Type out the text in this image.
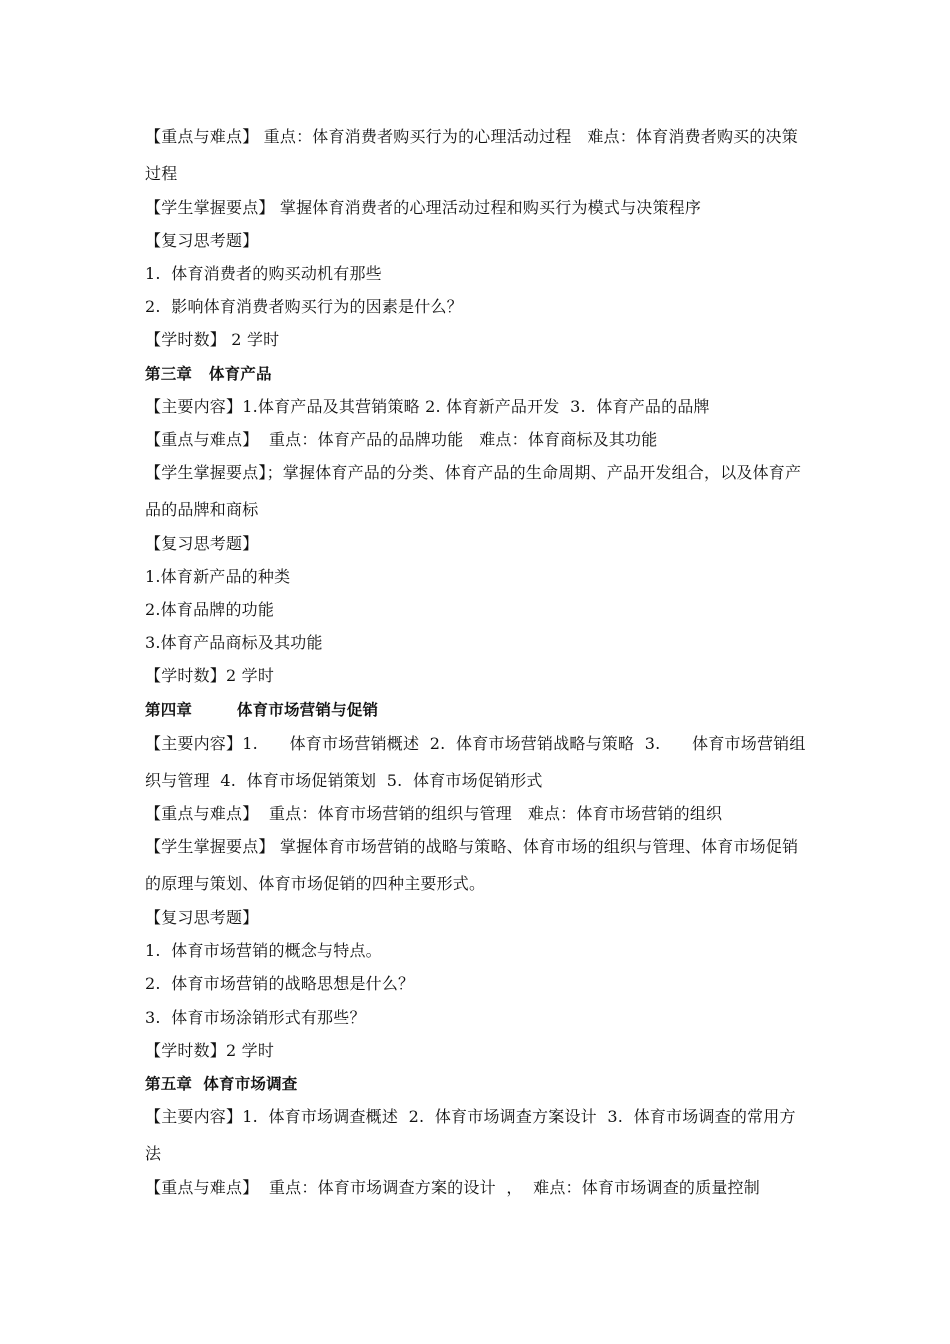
【重点与难点】 重点：体育消费者购买行为的心理活动过程   难点：体育消费者购买的决策
过程
【学生掌握要点】 掌握体育消费者的心理活动过程和购买行为模式与决策程序
【复习思考题】
1.  体育消费者的购买动机有那些
2.  影响体育消费者购买行为的因素是什么？
【学时数】 2 学时
第三章   体育产品
【主要内容】1.体育产品及其营销策略 2. 体育新产品开发  3.  体育产品的品牌
【重点与难点】  重点：体育产品的品牌功能   难点：体育商标及其功能
【学生掌握要点】；掌握体育产品的分类、体育产品的生命周期、产品开发组合，以及体育产
品的品牌和商标
【复习思考题】
1.体育新产品的种类
2.体育品牌的功能
3.体育产品商标及其功能
【学时数】2 学时
第四章        体育市场营销与促销
【主要内容】1.      体育市场营销概述  2.  体育市场营销战略与策略  3.      体育市场营销组
织与管理  4.  体育市场促销策划  5.  体育市场促销形式
【重点与难点】  重点：体育市场营销的组织与管理   难点：体育市场营销的组织
【学生掌握要点】 掌握体育市场营销的战略与策略、体育市场的组织与管理、体育市场促销
的原理与策划、体育市场促销的四种主要形式。
【复习思考题】
1.  体育市场营销的概念与特点。
2.  体育市场营销的战略思想是什么？
3.  体育市场涂销形式有那些？
【学时数】2 学时
第五章  体育市场调查
【主要内容】1.  体育市场调查概述  2.  体育市场调查方案设计  3.  体育市场调查的常用方
法
【重点与难点】  重点：体育市场调查方案的设计  ，  难点：体育市场调查的质量控制
